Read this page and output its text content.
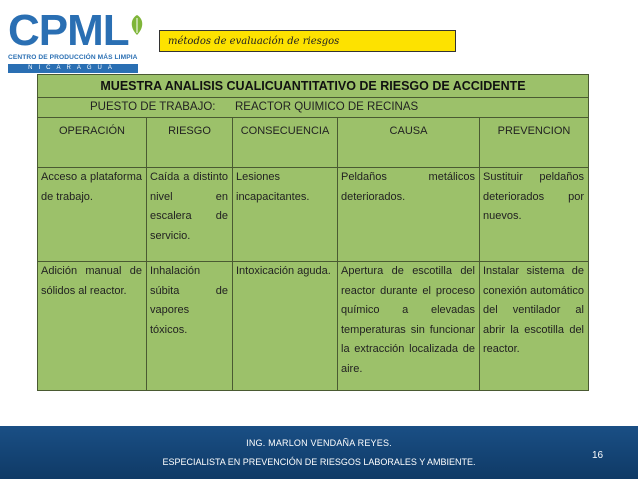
CPML
CENTRO DE PRODUCCIÓN MÁS LIMPIA
NICARAGUA
métodos de evaluación de riesgos
MUESTRA ANALISIS CUALICUANTITATIVO DE RIESGO DE ACCIDENTE
PUESTO DE TRABAJO: REACTOR QUIMICO DE RECINAS
OPERACIÓN
Acceso a plataforma de trabajo.
Adición manual de sólidos al reactor.
RIESGO
Caída a distinto nivel en escalera de servicio.
Inhalación súbita de vapores tóxicos.
CONSECUENCIA
Lesiones incapacitantes.
Intoxicación aguda.
CAUSA
Peldaños metálicos deteriorados.
Apertura de escotilla del reactor durante el proceso químico a elevadas temperaturas sin funcionar la extracción localizada de aire.
PREVENCION
Sustituir peldaños deteriorados por nuevos.
Instalar sistema de conexión automático del ventilador al abrir la escotilla del reactor.
ING. MARLON VENDAÑA REYES.
ESPECIALISTA EN PREVENCIÓN DE RIESGOS LABORALES Y AMBIENTE.
16
